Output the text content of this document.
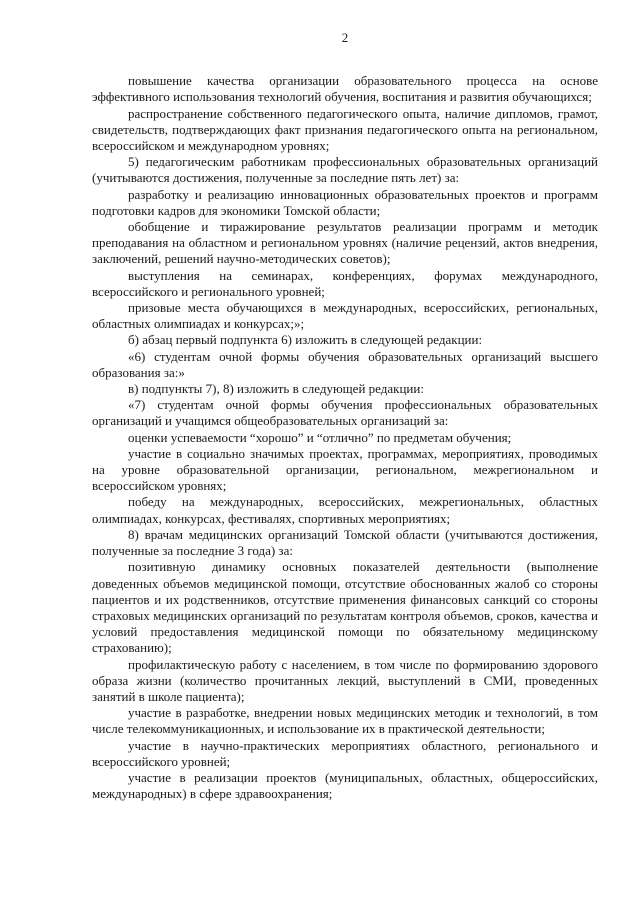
2

повышение качества организации образовательного процесса на основе эффективного использования технологий обучения, воспитания и развития обучающихся;

распространение собственного педагогического опыта, наличие дипломов, грамот, свидетельств, подтверждающих факт признания педагогического опыта на региональном, всероссийском и международном уровнях;

5) педагогическим работникам профессиональных образовательных организаций (учитываются достижения, полученные за последние пять лет) за:

разработку и реализацию инновационных образовательных проектов и программ подготовки кадров для экономики Томской области;

обобщение и тиражирование результатов реализации программ и методик преподавания на областном и региональном уровнях (наличие рецензий, актов внедрения, заключений, решений научно-методических советов);

выступления на семинарах, конференциях, форумах международного, всероссийского и регионального уровней;

призовые места обучающихся в международных, всероссийских, региональных, областных олимпиадах и конкурсах;»;

б) абзац первый подпункта 6) изложить в следующей редакции:

«6) студентам очной формы обучения образовательных организаций высшего образования за:»

в) подпункты 7), 8) изложить в следующей редакции:

«7) студентам очной формы обучения профессиональных образовательных организаций и учащимся общеобразовательных организаций за:

оценки успеваемости “хорошо” и “отлично” по предметам обучения;

участие в социально значимых проектах, программах, мероприятиях, проводимых на уровне образовательной организации, региональном, межрегиональном и всероссийском уровнях;

победу на международных, всероссийских, межрегиональных, областных олимпиадах, конкурсах, фестивалях, спортивных мероприятиях;

8) врачам медицинских организаций Томской области (учитываются достижения, полученные за последние 3 года) за:

позитивную динамику основных показателей деятельности (выполнение доведенных объемов медицинской помощи, отсутствие обоснованных жалоб со стороны пациентов и их родственников, отсутствие применения финансовых санкций со стороны страховых медицинских организаций по результатам контроля объемов, сроков, качества и условий предоставления медицинской помощи по обязательному медицинскому страхованию);

профилактическую работу с населением, в том числе по формированию здорового образа жизни (количество прочитанных лекций, выступлений в СМИ, проведенных занятий в школе пациента);

участие в разработке, внедрении новых медицинских методик и технологий, в том числе телекоммуникационных, и использование их в практической деятельности;

участие в научно-практических мероприятиях областного, регионального и всероссийского уровней;

участие в реализации проектов (муниципальных, областных, общероссийских, международных) в сфере здравоохранения;
